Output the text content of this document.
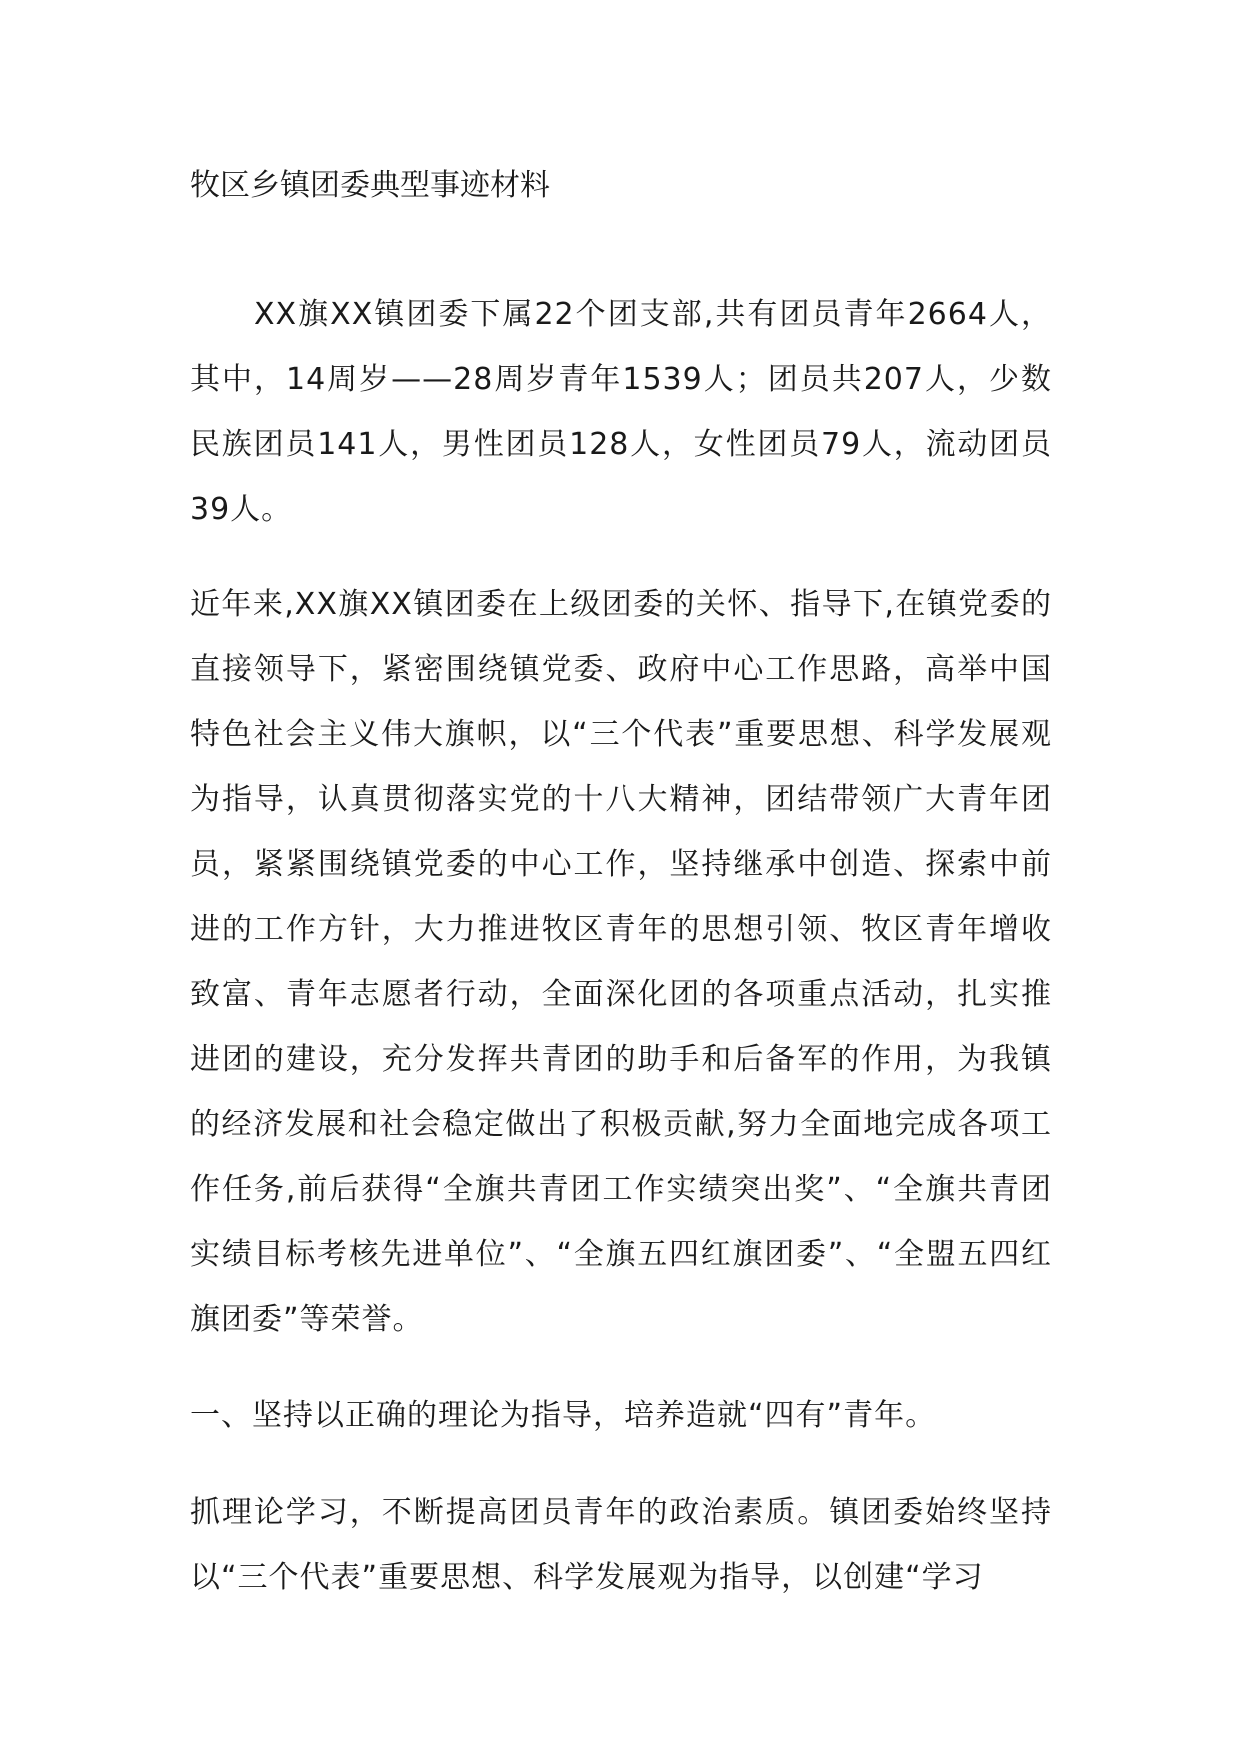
牧区乡镇团委典型事迹材料

XX旗XX镇团委下属22个团支部,共有团员青年2664人，其中，14周岁——28周岁青年1539人；团员共207人，少数民族团员141人，男性团员128人，女性团员79人，流动团员39人。

近年来,XX旗XX镇团委在上级团委的关怀、指导下,在镇党委的直接领导下，紧密围绕镇党委、政府中心工作思路，高举中国特色社会主义伟大旗帜，以“三个代表”重要思想、科学发展观为指导，认真贯彻落实党的十八大精神，团结带领广大青年团员，紧紧围绕镇党委的中心工作，坚持继承中创造、探索中前进的工作方针，大力推进牧区青年的思想引领、牧区青年增收致富、青年志愿者行动，全面深化团的各项重点活动，扎实推进团的建设，充分发挥共青团的助手和后备军的作用，为我镇的经济发展和社会稳定做出了积极贡献,努力全面地完成各项工作任务,前后获得“全旗共青团工作实绩突出奖”、“全旗共青团实绩目标考核先进单位”、“全旗五四红旗团委”、“全盟五四红旗团委”等荣誉。

一、坚持以正确的理论为指导，培养造就“四有”青年。

抓理论学习，不断提高团员青年的政治素质。镇团委始终坚持以“三个代表”重要思想、科学发展观为指导，以创建“学习
